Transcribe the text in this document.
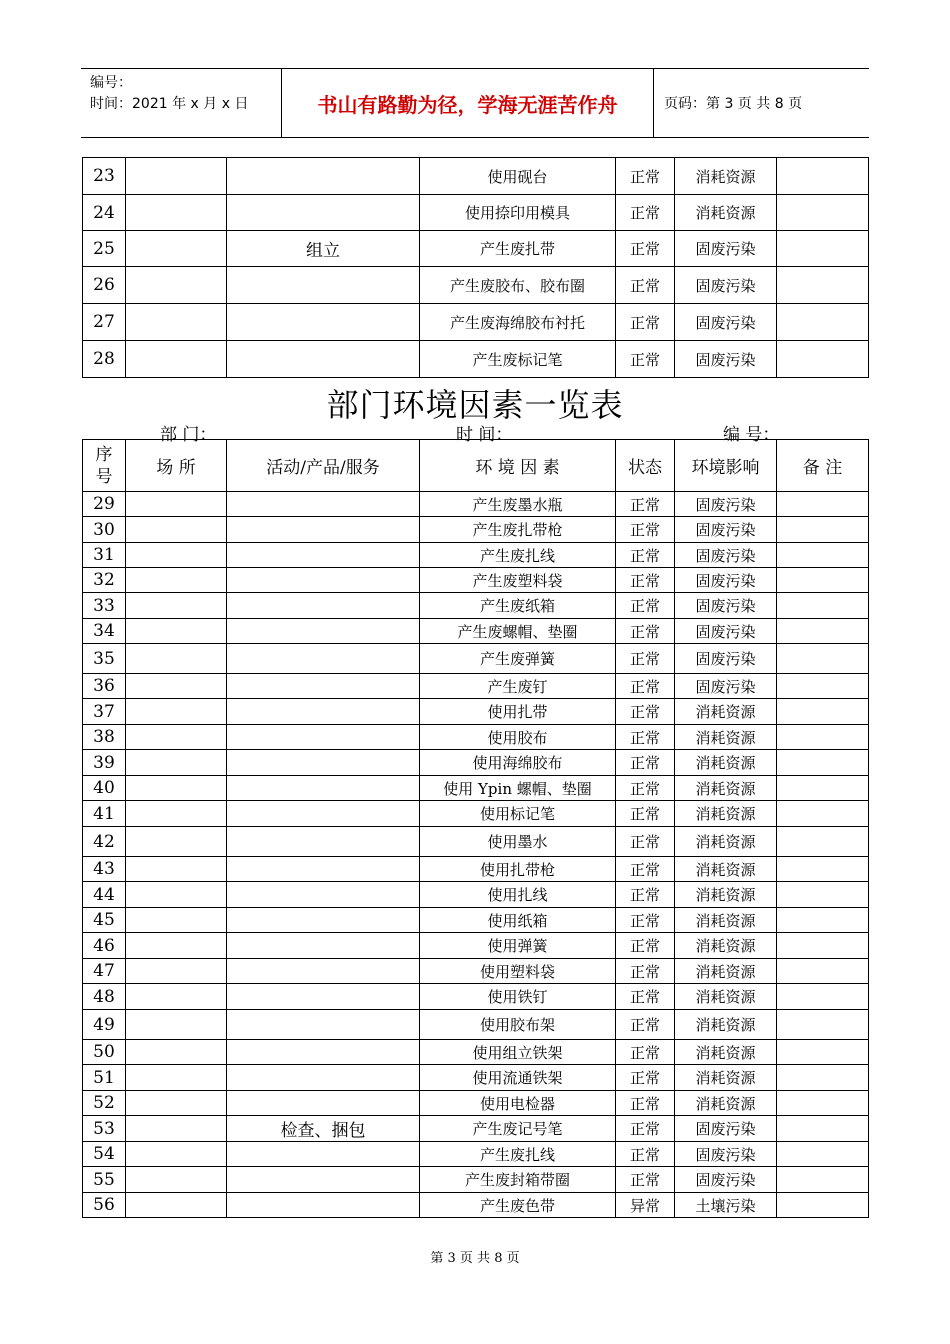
编号：
时间：2021 年 x 月 x 日	书山有路勤为径，学海无涯苦作舟	页码：第 3 页 共 8 页
23			使用砚台	正常	消耗资源	
24			使用捺印用模具	正常	消耗资源	
25		组立	产生废扎带	正常	固废污染	
26			产生废胶布、胶布圈	正常	固废污染	
27			产生废海绵胶布衬托	正常	固废污染	
28			产生废标记笔	正常	固废污染	
部门环境因素一览表
部 门：	时 间：	编 号：
序号	场 所	活动/产品/服务	环 境 因 素	状态	环境影响	备 注
29			产生废墨水瓶	正常	固废污染	
30			产生废扎带枪	正常	固废污染	
31			产生废扎线	正常	固废污染	
32			产生废塑料袋	正常	固废污染	
33			产生废纸箱	正常	固废污染	
34			产生废螺帽、垫圈	正常	固废污染	
35			产生废弹簧	正常	固废污染	
36			产生废钉	正常	固废污染	
37			使用扎带	正常	消耗资源	
38			使用胶布	正常	消耗资源	
39			使用海绵胶布	正常	消耗资源	
40			使用 Ypin 螺帽、垫圈	正常	消耗资源	
41			使用标记笔	正常	消耗资源	
42			使用墨水	正常	消耗资源	
43			使用扎带枪	正常	消耗资源	
44			使用扎线	正常	消耗资源	
45			使用纸箱	正常	消耗资源	
46			使用弹簧	正常	消耗资源	
47			使用塑料袋	正常	消耗资源	
48			使用铁钉	正常	消耗资源	
49			使用胶布架	正常	消耗资源	
50			使用组立铁架	正常	消耗资源	
51			使用流通铁架	正常	消耗资源	
52			使用电检器	正常	消耗资源	
53		检查、捆包	产生废记号笔	正常	固废污染	
54			产生废扎线	正常	固废污染	
55			产生废封箱带圈	正常	固废污染	
56			产生废色带	异常	土壤污染	
第 3 页 共 8 页
